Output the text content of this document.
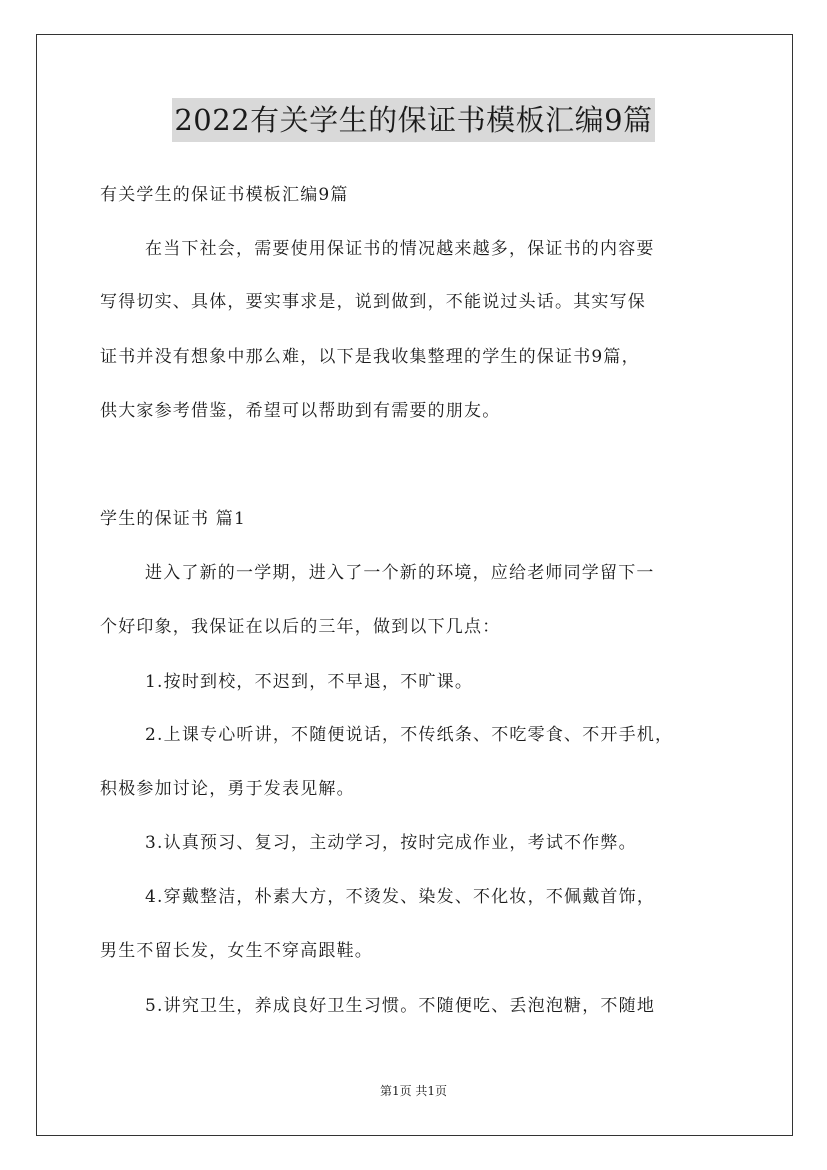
2022有关学生的保证书模板汇编9篇
有关学生的保证书模板汇编9篇
在当下社会，需要使用保证书的情况越来越多，保证书的内容要
写得切实、具体，要实事求是，说到做到，不能说过头话。其实写保
证书并没有想象中那么难，以下是我收集整理的学生的保证书9篇，
供大家参考借鉴，希望可以帮助到有需要的朋友。
学生的保证书 篇1
进入了新的一学期，进入了一个新的环境，应给老师同学留下一
个好印象，我保证在以后的三年，做到以下几点：
1.按时到校，不迟到，不早退，不旷课。
2.上课专心听讲，不随便说话，不传纸条、不吃零食、不开手机，
积极参加讨论，勇于发表见解。
3.认真预习、复习，主动学习，按时完成作业，考试不作弊。
4.穿戴整洁，朴素大方，不烫发、染发、不化妆，不佩戴首饰，
男生不留长发，女生不穿高跟鞋。
5.讲究卫生，养成良好卫生习惯。不随便吃、丢泡泡糖，不随地
第1页 共1页
